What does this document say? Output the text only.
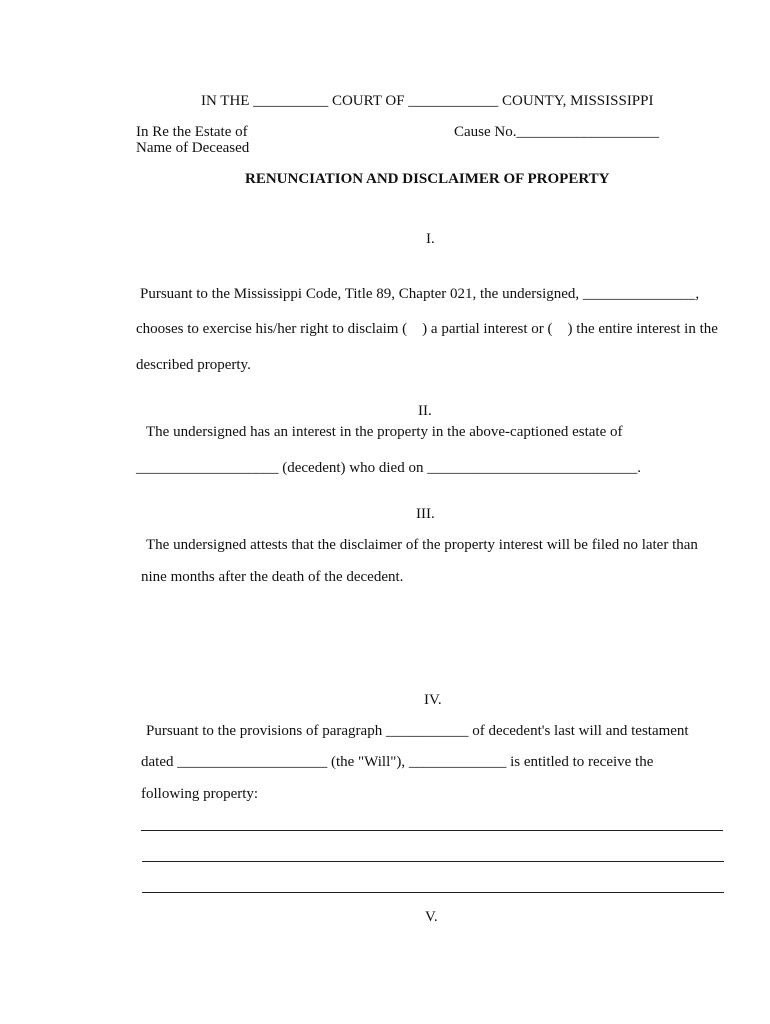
IN THE __________ COURT OF ____________ COUNTY, MISSISSIPPI
In Re the Estate of
Name of Deceased
Cause No.___________________
RENUNCIATION AND DISCLAIMER OF PROPERTY
I.
Pursuant to the Mississippi Code, Title 89, Chapter 021, the undersigned, _______________,
chooses to exercise his/her right to disclaim (    ) a partial interest or (    ) the entire interest in the
described property.
II.
The undersigned has an interest in the property in the above-captioned estate of
___________________ (decedent) who died on ____________________________.
III.
The undersigned attests that the disclaimer of the property interest will be filed no later than
nine months after the death of the decedent.
IV.
Pursuant to the provisions of paragraph ___________ of decedent's last will and testament
dated ____________________ (the "Will"), _____________ is entitled to receive the
following property:
V.
